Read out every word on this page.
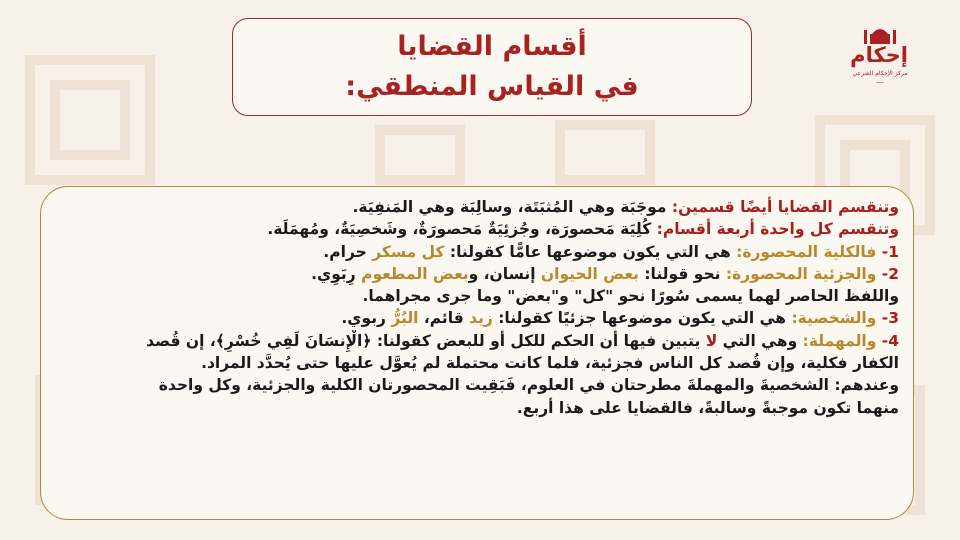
أقسام القضايا
في القياس المنطقي:
إحكام
مركز الإحكام الشرعي
ـــــ
وتنقسم القضايا أيضًا قسمين: موجَبَة وهي المُثبَتَة، وسالِبَة وهي المَنفِيَة.
وتنقسم كل واحدة أربعة أقسام: كُلِيَة مَحصورَة، وجُزئِيَةٌ مَحصورَةٌ، وشَخصِيَةٌ، ومُهمَلَة.
1- فالكلية المحصورة: هي التي يكون موضوعها عامًّا كقولنا: كل مسكر حرام.
2- والجزئية المحصورة: نحو قولنا: بعض الحيوان إنسان، وبعض المطعوم رِبَوِي.
واللفظ الحاصر لهما يسمى سُورًا نحو "كل" و"بعض" وما جرى مجراهما.
3- والشخصية: هي التي يكون موضوعها جزئيًا كقولنا: زيد قائم، البُرُّ ربوي.
4- والمهملة: وهي التي لا يتبين فيها أن الحكم للكل أو للبعض كقولنا: ﴿الْإِنسَانَ لَفِي خُسْرٍ﴾، إن قُصد
الكفار فكلية، وإن قُصد كل الناس فجزئية، فلما كانت محتملة لم يُعوَّل عليها حتى يُحدَّد المراد.
وعندهم: الشخصيةَ والمهملةَ مطرحتان في العلوم، فَبَقِيت المحصورتان الكلية والجزئية، وكل واحدة
منهما تكون موجبةً وسالبةً، فالقضايا على هذا أربع.
